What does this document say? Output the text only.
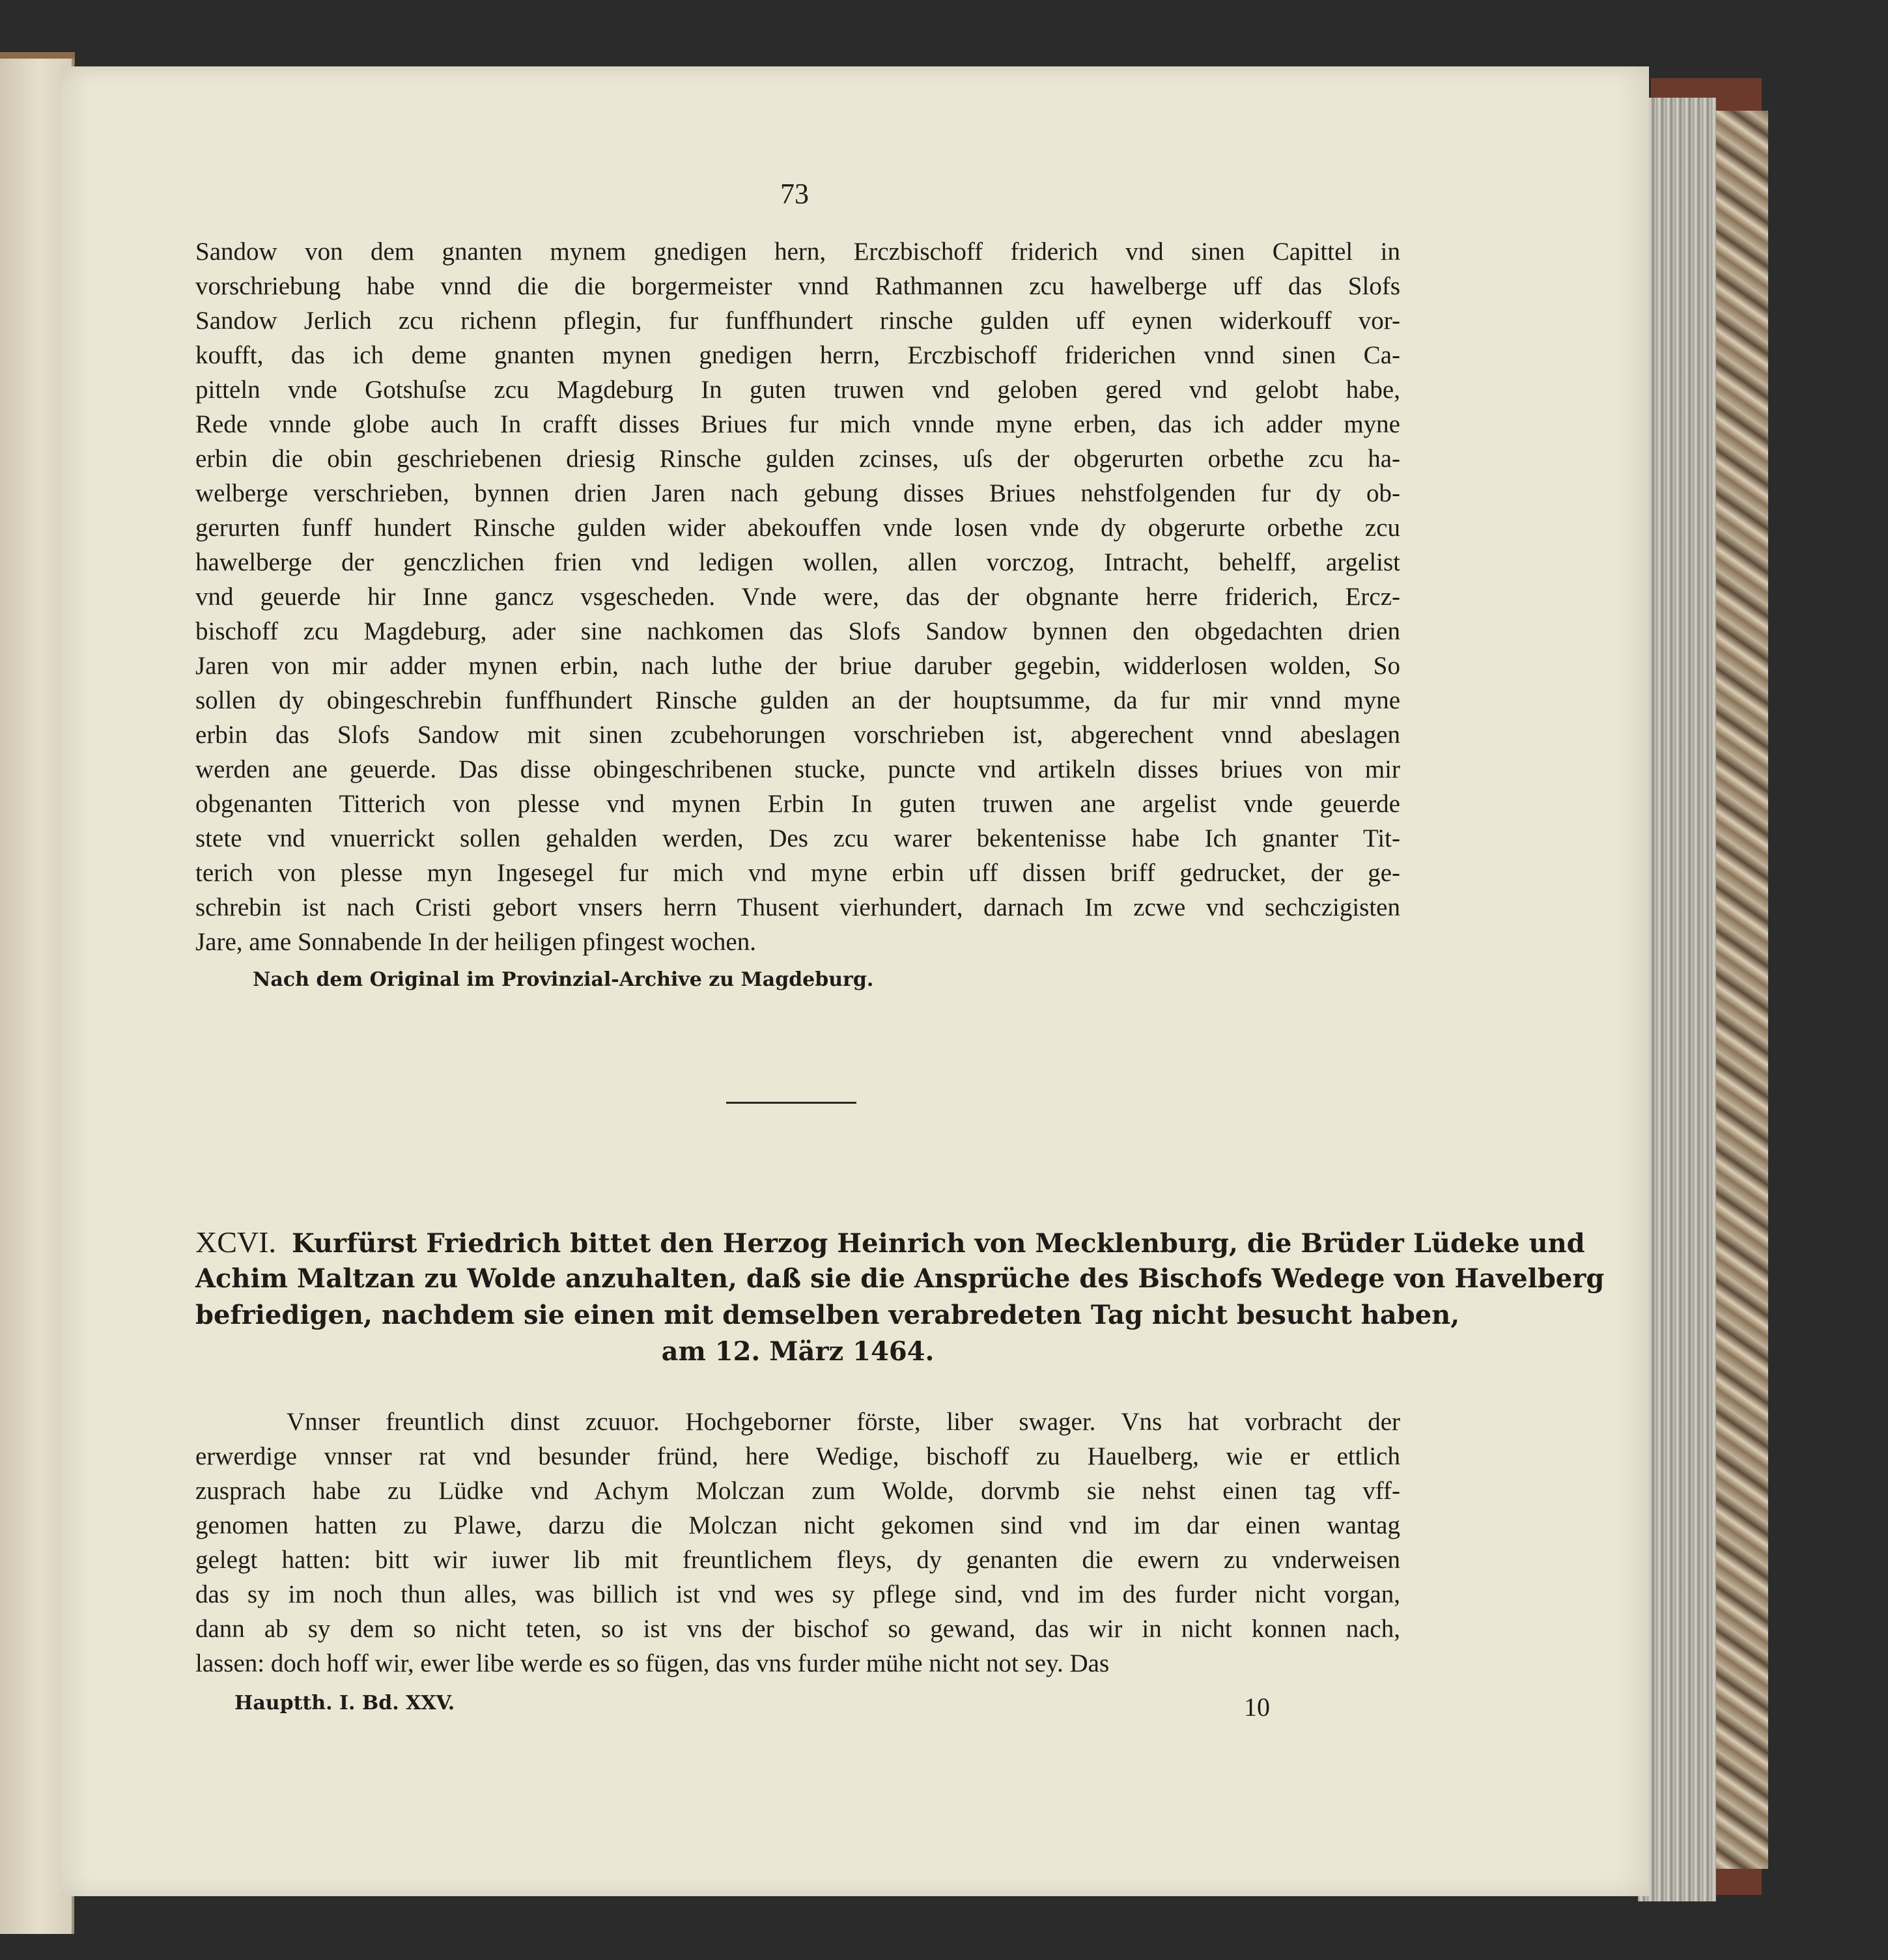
73
Sandow von dem gnanten mynem gnedigen hern, Erczbischoff friderich vnd sinen Capittel in
vorschriebung habe vnnd die die borgermeister vnnd Rathmannen zcu hawelberge uff das Slofs
Sandow Jerlich zcu richenn pflegin, fur funffhundert rinsche gulden uff eynen widerkouff vor-
koufft, das ich deme gnanten mynen gnedigen herrn, Erczbischoff friderichen vnnd sinen Ca-
pitteln vnde Gotshuſse zcu Magdeburg In guten truwen vnd geloben gered vnd gelobt habe,
Rede vnnde globe auch In crafft disses Briues fur mich vnnde myne erben, das ich adder myne
erbin die obin geschriebenen driesig Rinsche gulden zcinses, uſs der obgerurten orbethe zcu ha-
welberge verschrieben, bynnen drien Jaren nach gebung disses Briues nehstfolgenden fur dy ob-
gerurten funff hundert Rinsche gulden wider abekouffen vnde losen vnde dy obgerurte orbethe zcu
hawelberge der genczlichen frien vnd ledigen wollen, allen vorczog, Intracht, behelff, argelist
vnd geuerde hir Inne gancz vsgescheden. Vnde were, das der obgnante herre friderich, Ercz-
bischoff zcu Magdeburg, ader sine nachkomen das Slofs Sandow bynnen den obgedachten drien
Jaren von mir adder mynen erbin, nach luthe der briue daruber gegebin, widderlosen wolden, So
sollen dy obingeschrebin funffhundert Rinsche gulden an der houptsumme, da fur mir vnnd myne
erbin das Slofs Sandow mit sinen zcubehorungen vorschrieben ist, abgerechent vnnd abeslagen
werden ane geuerde. Das disse obingeschribenen stucke, puncte vnd artikeln disses briues von mir
obgenanten Titterich von plesse vnd mynen Erbin In guten truwen ane argelist vnde geuerde
stete vnd vnuerrickt sollen gehalden werden, Des zcu warer bekentenisse habe Ich gnanter Tit-
terich von plesse myn Ingesegel fur mich vnd myne erbin uff dissen briff gedrucket, der ge-
schrebin ist nach Cristi gebort vnsers herrn Thusent vierhundert, darnach Im zcwe vnd sechczigisten
Jare, ame Sonnabende In der heiligen pfingest wochen.
Nach dem Original im Provinzial-Archive zu Magdeburg.
XCVI. Kurfürst Friedrich bittet den Herzog Heinrich von Mecklenburg, die Brüder Lüdeke und
Achim Maltzan zu Wolde anzuhalten, daß sie die Ansprüche des Bischofs Wedege von Havelberg
befriedigen, nachdem sie einen mit demselben verabredeten Tag nicht besucht haben,
am 12. März 1464.
Vnnser freuntlich dinst zcuuor. Hochgeborner förste, liber swager. Vns hat vorbracht der
erwerdige vnnser rat vnd besunder fründ, here Wedige, bischoff zu Hauelberg, wie er ettlich
zusprach habe zu Lüdke vnd Achym Molczan zum Wolde, dorvmb sie nehst einen tag vff-
genomen hatten zu Plawe, darzu die Molczan nicht gekomen sind vnd im dar einen wantag
gelegt hatten: bitt wir iuwer lib mit freuntlichem fleys, dy genanten die ewern zu vnderweisen
das sy im noch thun alles, was billich ist vnd wes sy pflege sind, vnd im des furder nicht vorgan,
dann ab sy dem so nicht teten, so ist vns der bischof so gewand, das wir in nicht konnen nach,
lassen: doch hoff wir, ewer libe werde es so fügen, das vns furder mühe nicht not sey. Das
Hauptth. I. Bd. XXV.	10
